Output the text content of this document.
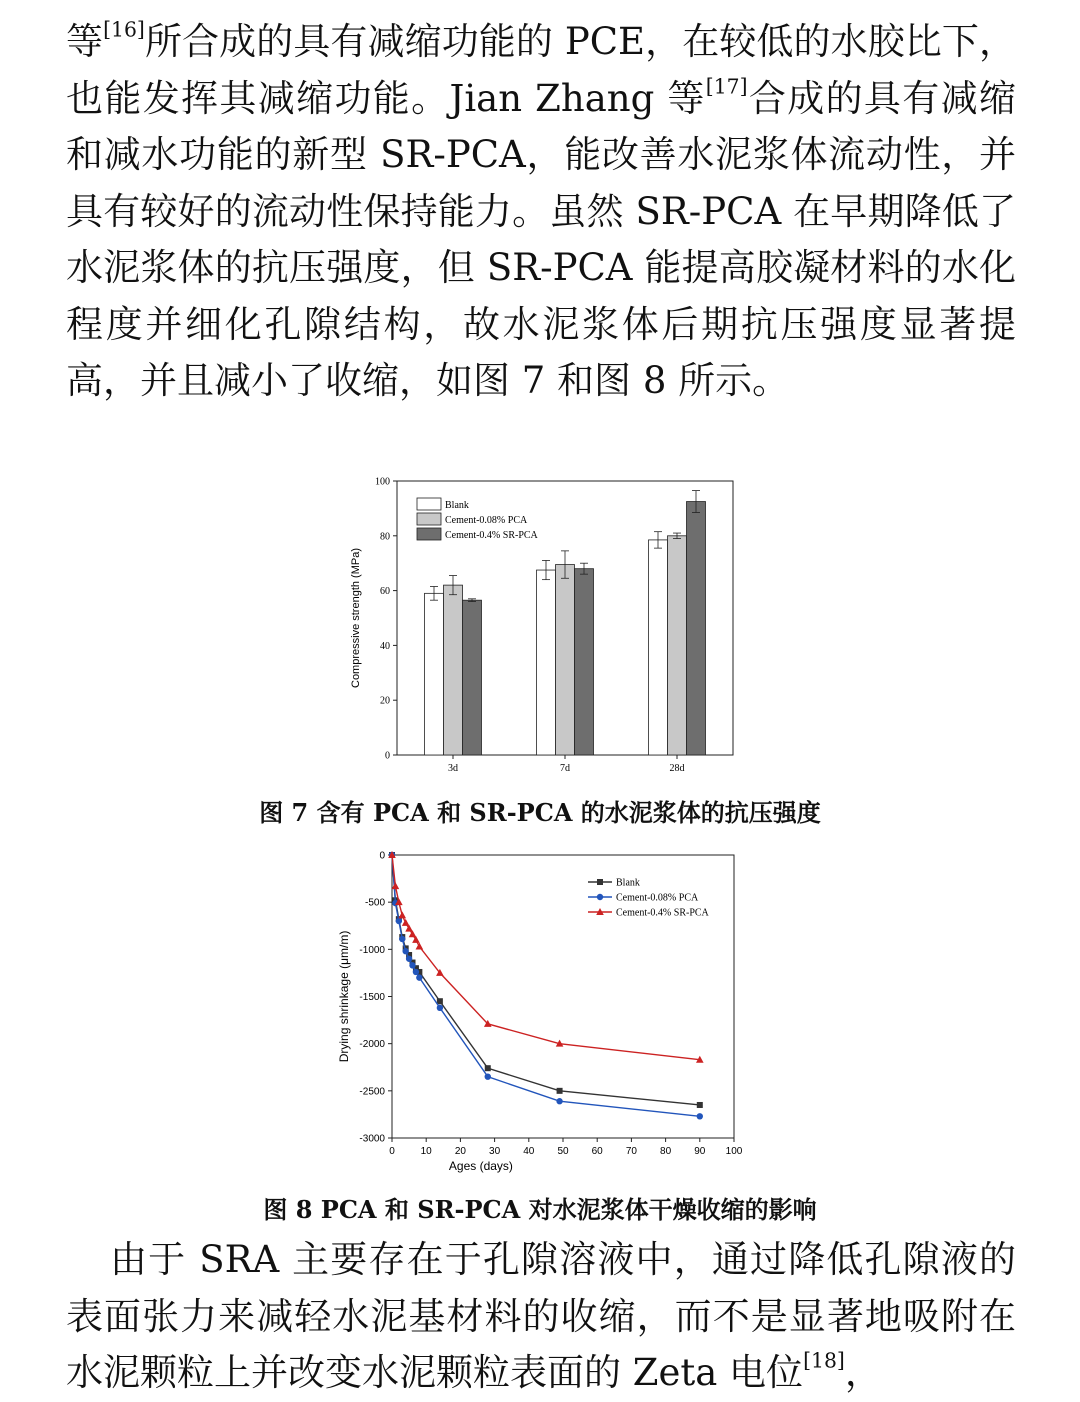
等[16]所合成的具有减缩功能的 PCE，在较低的水胶比下，也能发挥其减缩功能。Jian Zhang 等[17]合成的具有减缩和减水功能的新型 SR-PCA，能改善水泥浆体流动性，并具有较好的流动性保持能力。虽然 SR-PCA 在早期降低了水泥浆体的抗压强度，但 SR-PCA 能提高胶凝材料的水化程度并细化孔隙结构，故水泥浆体后期抗压强度显著提高，并且减小了收缩，如图 7 和图 8 所示。

0
20
40
60
80
100
Compressive strength (MPa)
3d	7d	28d
Blank
Cement-0.08% PCA
Cement-0.4% SR-PCA
图 7 含有 PCA 和 SR-PCA 的水泥浆体的抗压强度
0
-500
-1000
-1500
-2000
-2500
-3000
0	10 20 30 40 50 60 70 80 90 100
Ages (days)
Drying shrinkage (μm/m)
Blank
Cement-0.08% PCA
Cement-0.4% SR-PCA
图 8 PCA 和 SR-PCA 对水泥浆体干燥收缩的影响

由于 SRA 主要存在于孔隙溶液中，通过降低孔隙液的表面张力来减轻水泥基材料的收缩，而不是显著地吸附在水泥颗粒上并改变水泥颗粒表面的 Zeta 电位[18]，
